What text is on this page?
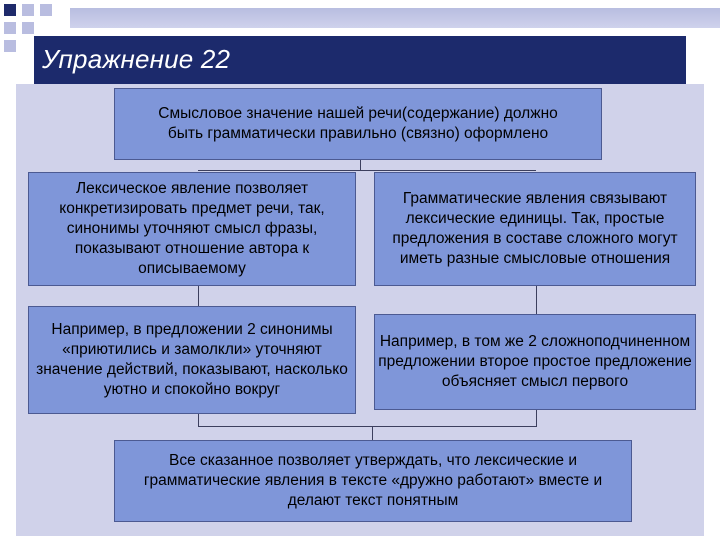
Упражнение 22
Смысловое значение нашей речи(содержание) должно быть грамматически правильно (связно) оформлено
Лексическое явление позволяет конкретизировать предмет речи, так, синонимы уточняют смысл фразы, показывают отношение автора к описываемому
Грамматические явления связывают лексические единицы. Так, простые предложения в составе сложного могут иметь разные смысловые отношения
Например, в предложении 2 синонимы «приютились и замолкли» уточняют значение действий, показывают, насколько уютно и спокойно вокруг
Например, в том же 2 сложноподчиненном предложении второе простое предложение объясняет смысл первого
Все сказанное позволяет утверждать, что лексические и грамматические явления в тексте «дружно работают» вместе и делают текст понятным
